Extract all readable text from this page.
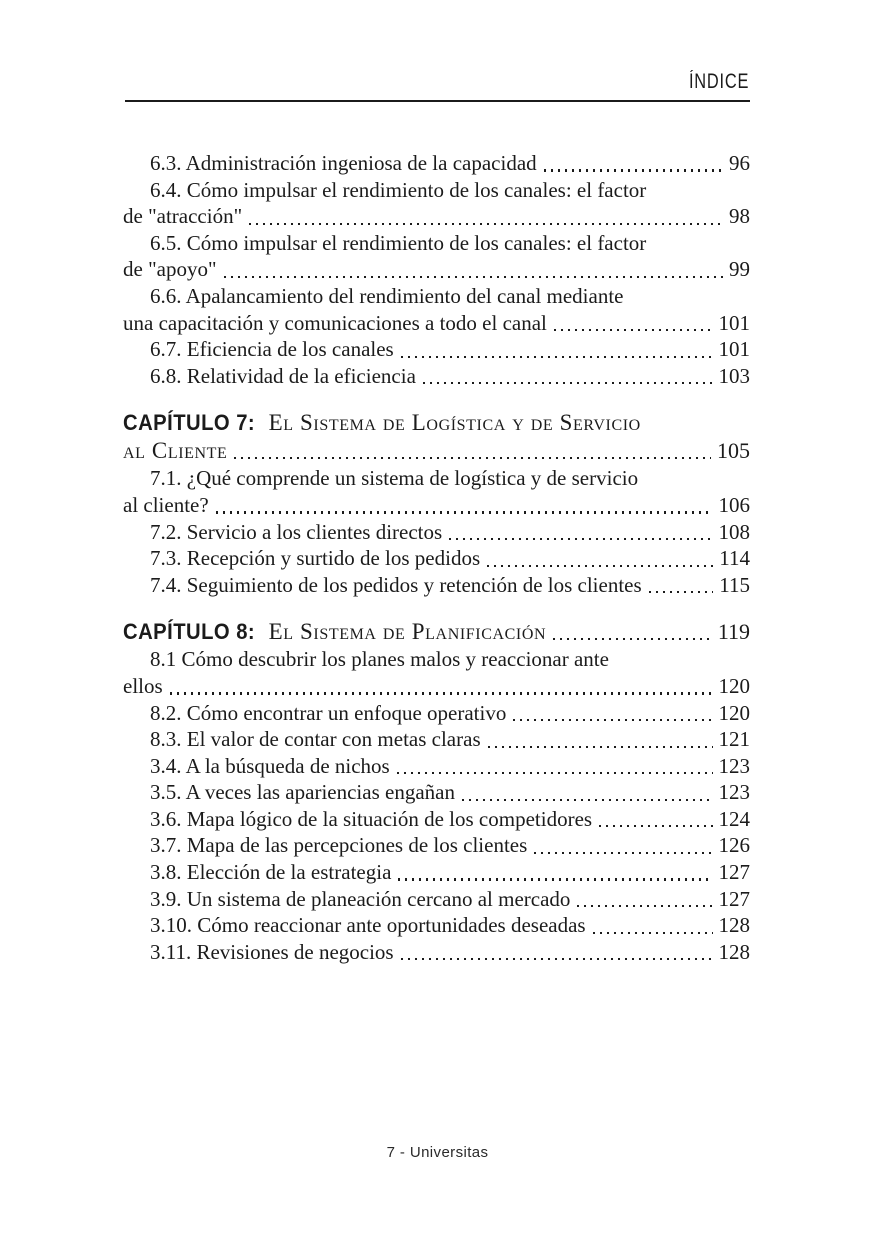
ÍNDICE
6.3. Administración ingeniosa de la capacidad	96
6.4. Cómo impulsar el rendimiento de los canales: el factor
de "atracción"	98
6.5. Cómo impulsar el rendimiento de los canales: el factor
de "apoyo"	99
6.6. Apalancamiento del rendimiento del canal mediante
una capacitación y comunicaciones a todo el canal	101
6.7. Eficiencia de los canales	101
6.8. Relatividad de la eficiencia	103
CAPÍTULO 7: El Sistema de Logística y de Servicio
al Cliente	105
7.1. ¿Qué comprende un sistema de logística y de servicio
al cliente?	106
7.2. Servicio a los clientes directos	108
7.3. Recepción y surtido de los pedidos	114
7.4. Seguimiento de los pedidos y retención de los clientes	115
CAPÍTULO 8: El Sistema de Planificación	119
8.1 Cómo descubrir los planes malos y reaccionar ante
ellos	120
8.2. Cómo encontrar un enfoque operativo	120
8.3. El valor de contar con metas claras	121
3.4. A la búsqueda de nichos	123
3.5. A veces las apariencias engañan	123
3.6. Mapa lógico de la situación de los competidores	124
3.7. Mapa de las percepciones de los clientes	126
3.8. Elección de la estrategia	127
3.9. Un sistema de planeación cercano al mercado	127
3.10. Cómo reaccionar ante oportunidades deseadas	128
3.11. Revisiones de negocios	128
7 - Universitas
